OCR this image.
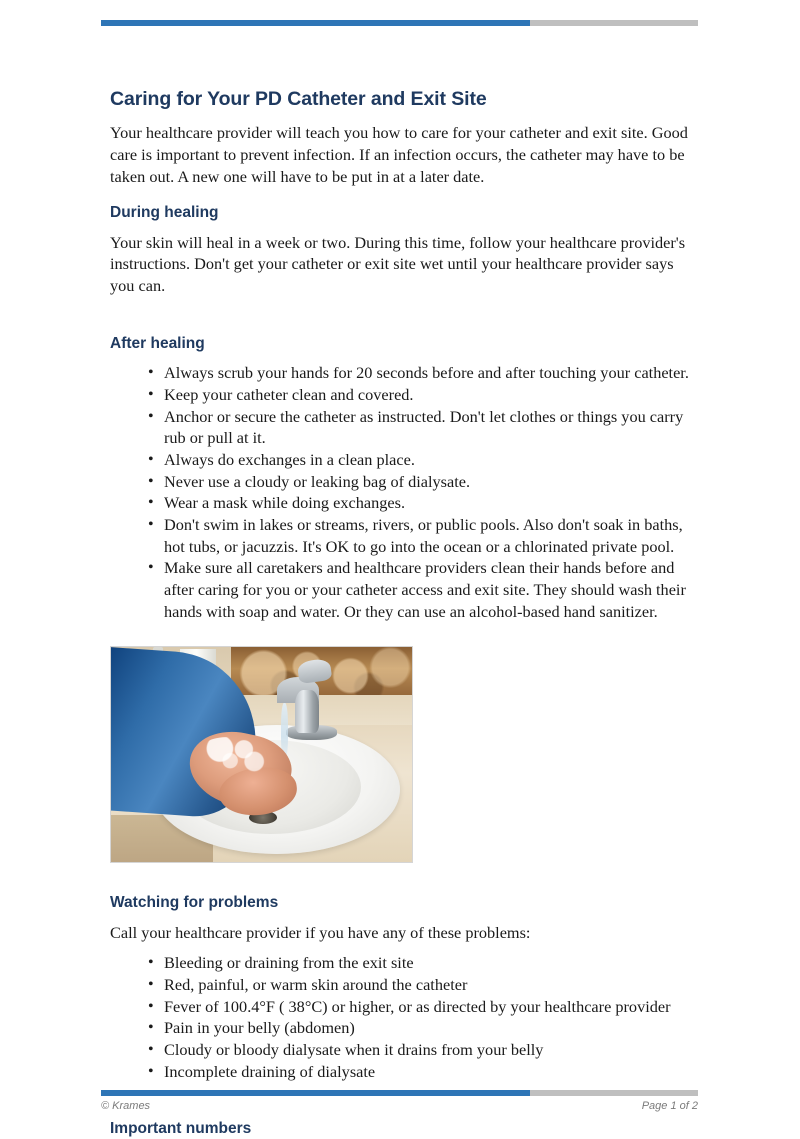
Caring for Your PD Catheter and Exit Site

Your healthcare provider will teach you how to care for your catheter and exit site. Good care is important to prevent infection. If an infection occurs, the catheter may have to be taken out. A new one will have to be put in at a later date.

During healing

Your skin will heal in a week or two. During this time, follow your healthcare provider's instructions. Don't get your catheter or exit site wet until your healthcare provider says you can.

After healing
• Always scrub your hands for 20 seconds before and after touching your catheter.
• Keep your catheter clean and covered.
• Anchor or secure the catheter as instructed. Don't let clothes or things you carry rub or pull at it.
• Always do exchanges in a clean place.
• Never use a cloudy or leaking bag of dialysate.
• Wear a mask while doing exchanges.
• Don't swim in lakes or streams, rivers, or public pools. Also don't soak in baths, hot tubs, or jacuzzis. It's OK to go into the ocean or a chlorinated private pool.
• Make sure all caretakers and healthcare providers clean their hands before and after caring for you or your catheter access and exit site. They should wash their hands with soap and water. Or they can use an alcohol-based hand sanitizer.
Watching for problems

Call your healthcare provider if you have any of these problems:

• Bleeding or draining from the exit site
• Red, painful, or warm skin around the catheter
• Fever of 100.4°F ( 38°C) or higher, or as directed by your healthcare provider
• Pain in your belly (abdomen)
• Cloudy or bloody dialysate when it drains from your belly
• Incomplete draining of dialysate
Important numbers
© Krames	Page 1 of 2
